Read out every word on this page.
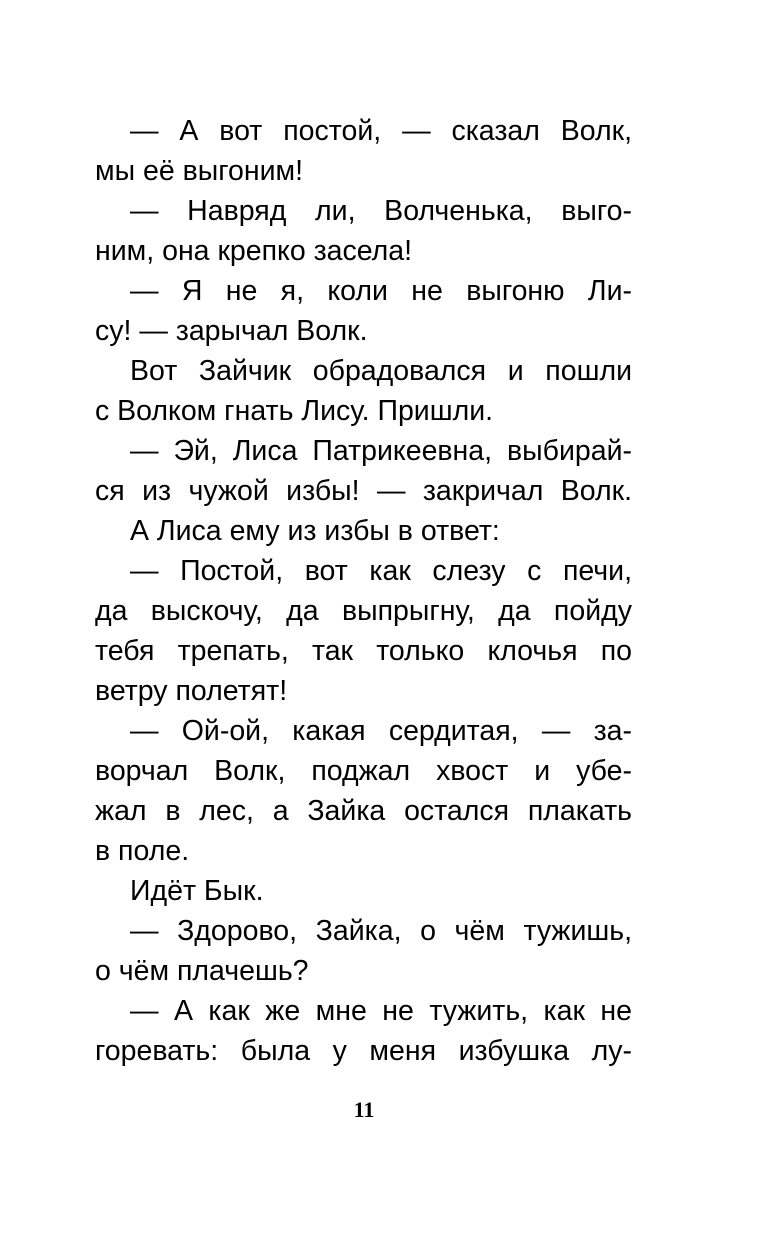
— А вот постой, — сказал Волк,
мы её выгоним!
— Навряд ли, Волченька, выго-
ним, она крепко засела!
— Я не я, коли не выгоню Ли-
су! — зарычал Волк.
Вот Зайчик обрадовался и пошли
с Волком гнать Лису. Пришли.
— Эй, Лиса Патрикеевна, выбирай-
ся из чужой избы! — закричал Волк.
А Лиса ему из избы в ответ:
— Постой, вот как слезу с печи,
да выскочу, да выпрыгну, да пойду
тебя трепать, так только клочья по
ветру полетят!
— Ой-ой, какая сердитая, — за-
ворчал Волк, поджал хвост и убе-
жал в лес, а Зайка остался плакать
в поле.
Идёт Бык.
— Здорово, Зайка, о чём тужишь,
о чём плачешь?
— А как же мне не тужить, как не
горевать: была у меня избушка лу-
11
